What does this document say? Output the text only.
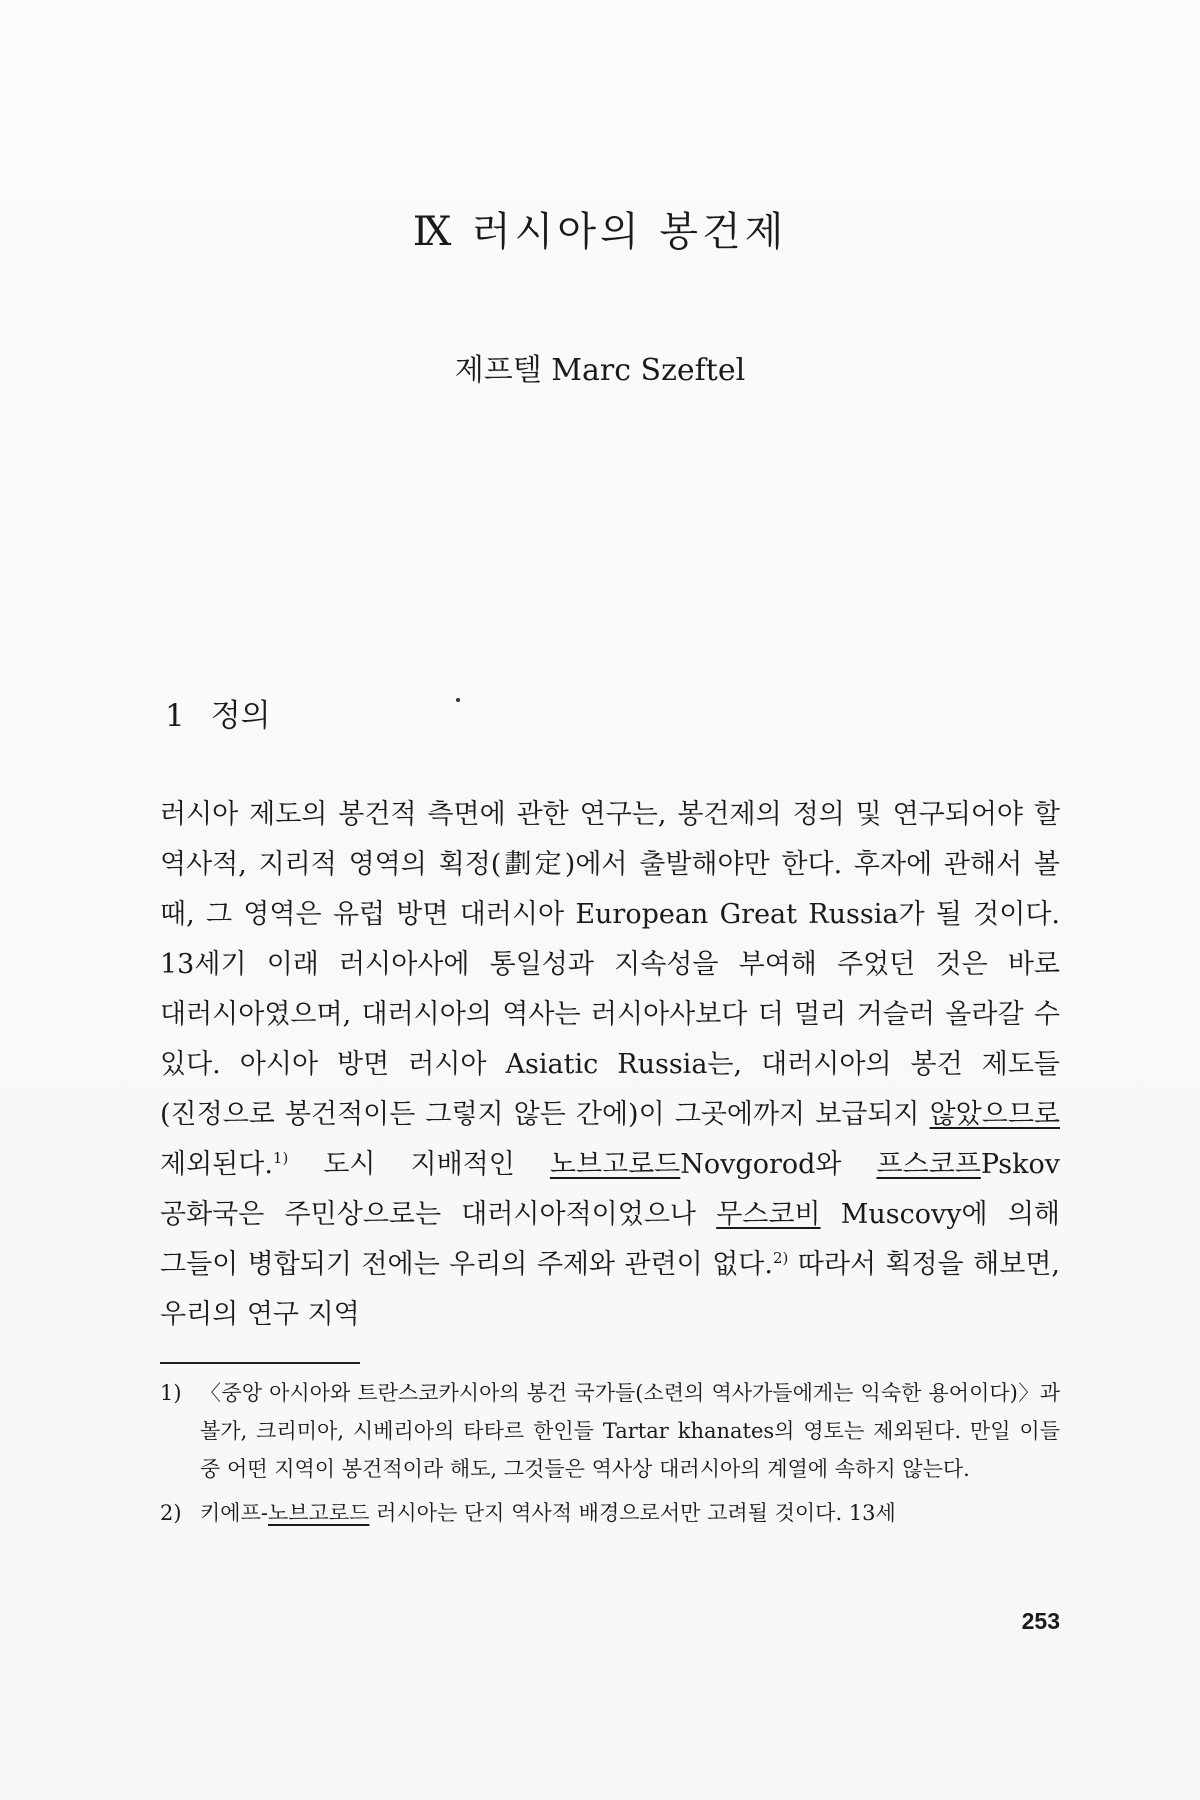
Ⅸ 러시아의 봉건제
제프텔 Marc Szeftel
1 정의

러시아 제도의 봉건적 측면에 관한 연구는, 봉건제의 정의 및 연구되어야 할 역사적, 지리적 영역의 획정(劃定)에서 출발해야만 한다. 후자에 관해서 볼 때, 그 영역은 유럽 방면 대러시아 European Great Russia가 될 것이다. 13세기 이래 러시아사에 통일성과 지속성을 부여해 주었던 것은 바로 대러시아였으며, 대러시아의 역사는 러시아사보다 더 멀리 거슬러 올라갈 수 있다. 아시아 방면 러시아 Asiatic Russia는, 대러시아의 봉건 제도들(진정으로 봉건적이든 그렇지 않든 간에)이 그곳에까지 보급되지 않았으므로 제외된다.$^{1)}$ 도시 지배적인 노브고로드Novgorod와 프스코프Pskov 공화국은 주민상으로는 대러시아적이었으나 무스코비 Muscovy에 의해 그들이 병합되기 전에는 우리의 주제와 관련이 없다.$^{2)}$ 따라서 획정을 해보면, 우리의 연구 지역

1) 〈중앙 아시아와 트란스코카시아의 봉건 국가들(소련의 역사가들에게는 익숙한 용어이다)〉과 볼가, 크리미아, 시베리아의 타타르 한인들 Tartar khanates의 영토는 제외된다. 만일 이들 중 어떤 지역이 봉건적이라 해도, 그것들은 역사상 대러시아의 계열에 속하지 않는다.

2) 키에프-노브고로드 러시아는 단지 역사적 배경으로서만 고려될 것이다. 13세

253
